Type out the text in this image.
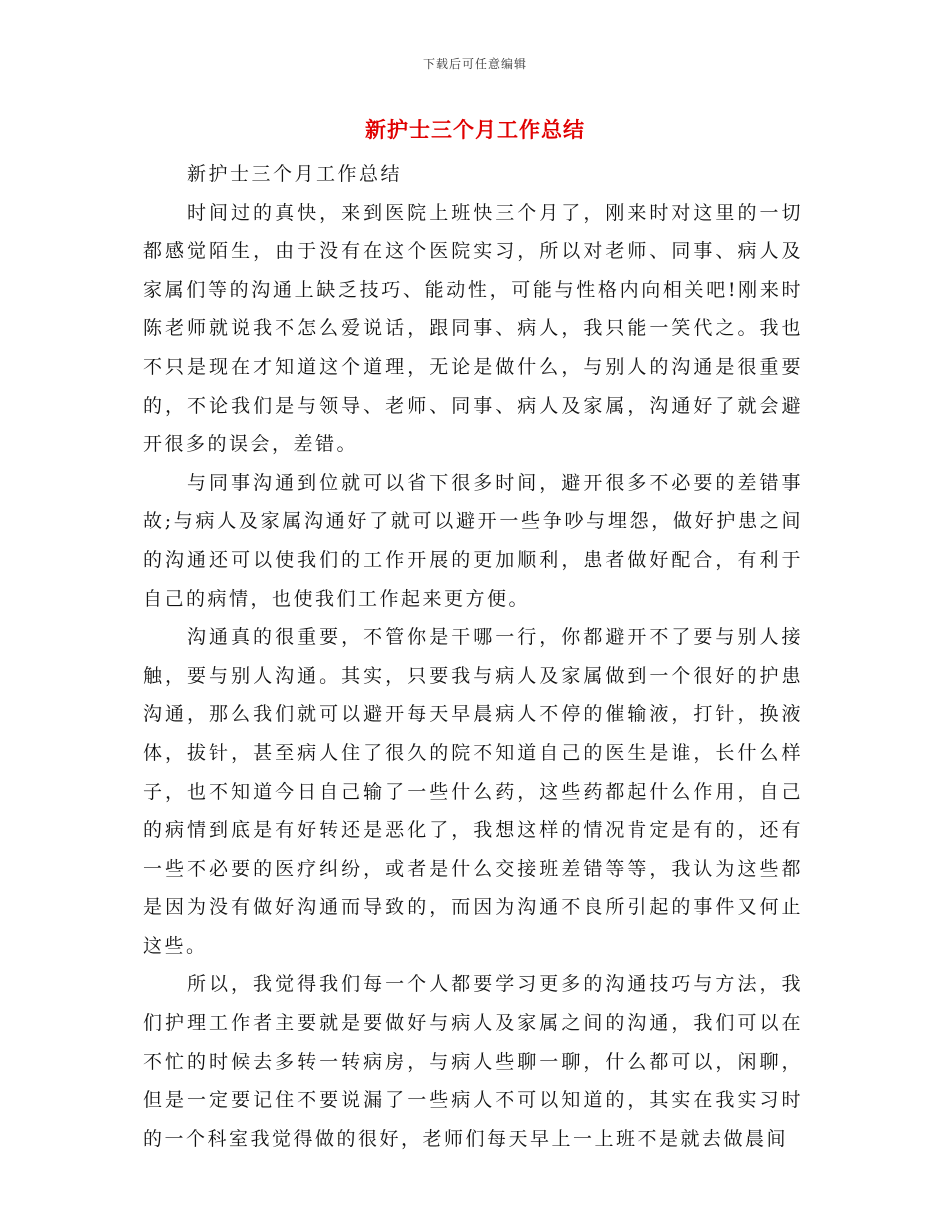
下载后可任意编辑
新护士三个月工作总结

新护士三个月工作总结

时间过的真快，来到医院上班快三个月了，刚来时对这里的一切都感觉陌生，由于没有在这个医院实习，所以对老师、同事、病人及家属们等的沟通上缺乏技巧、能动性，可能与性格内向相关吧!刚来时陈老师就说我不怎么爱说话，跟同事、病人，我只能一笑代之。我也不只是现在才知道这个道理，无论是做什么，与别人的沟通是很重要的，不论我们是与领导、老师、同事、病人及家属，沟通好了就会避开很多的误会，差错。

与同事沟通到位就可以省下很多时间，避开很多不必要的差错事故;与病人及家属沟通好了就可以避开一些争吵与埋怨，做好护患之间的沟通还可以使我们的工作开展的更加顺利，患者做好配合，有利于自己的病情，也使我们工作起来更方便。

沟通真的很重要，不管你是干哪一行，你都避开不了要与别人接触，要与别人沟通。其实，只要我与病人及家属做到一个很好的护患沟通，那么我们就可以避开每天早晨病人不停的催输液，打针，换液体，拔针，甚至病人住了很久的院不知道自己的医生是谁，长什么样子，也不知道今日自己输了一些什么药，这些药都起什么作用，自己的病情到底是有好转还是恶化了，我想这样的情况肯定是有的，还有一些不必要的医疗纠纷，或者是什么交接班差错等等，我认为这些都是因为没有做好沟通而导致的，而因为沟通不良所引起的事件又何止这些。

所以，我觉得我们每一个人都要学习更多的沟通技巧与方法，我们护理工作者主要就是要做好与病人及家属之间的沟通，我们可以在不忙的时候去多转一转病房，与病人些聊一聊，什么都可以，闲聊，但是一定要记住不要说漏了一些病人不可以知道的，其实在我实习时的一个科室我觉得做的很好，老师们每天早上一上班不是就去做晨间
